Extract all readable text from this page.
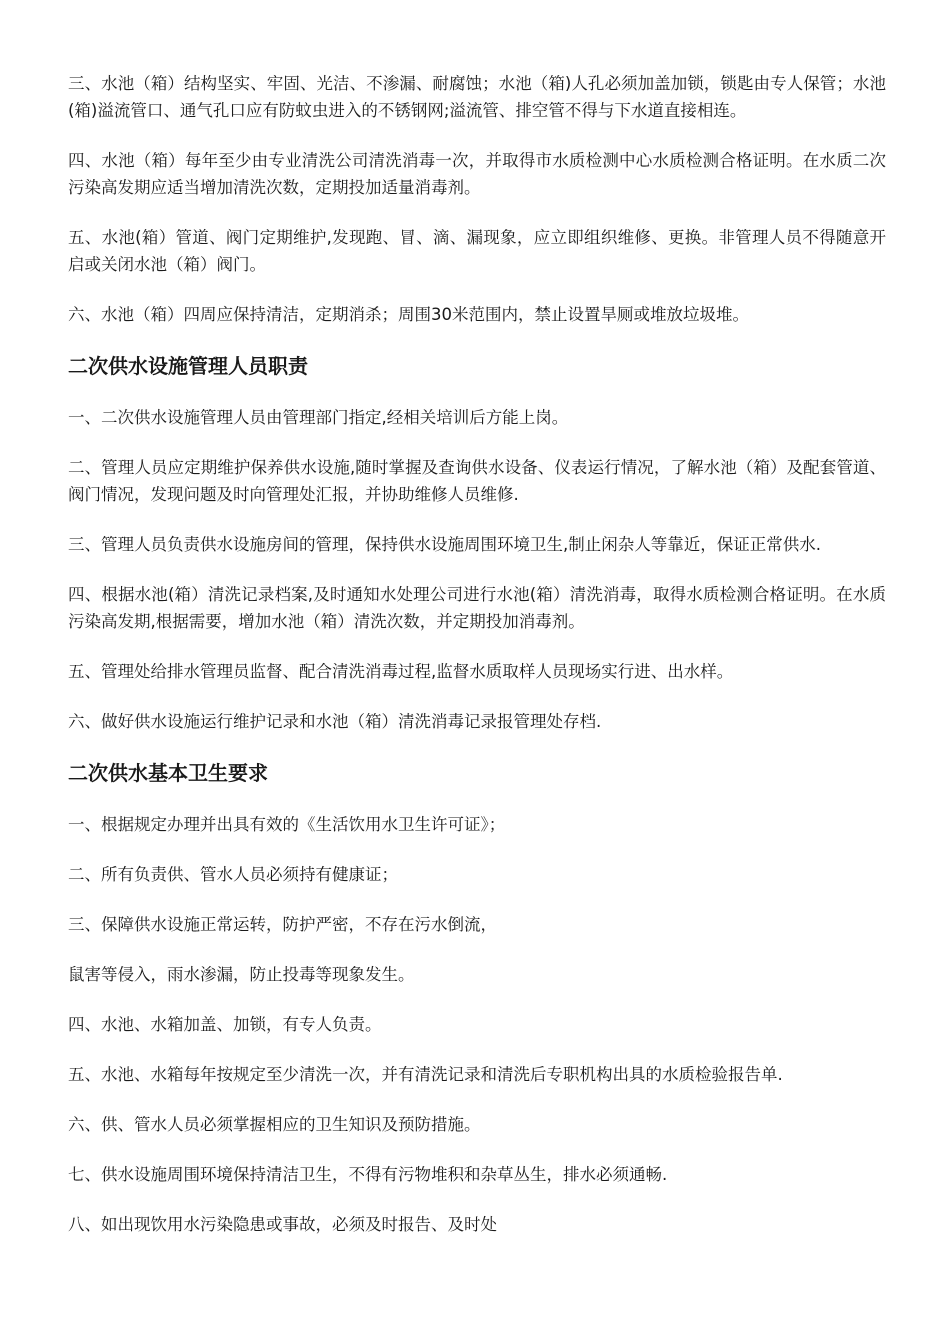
三、水池（箱）结构坚实、牢固、光洁、不渗漏、耐腐蚀；水池（箱)人孔必须加盖加锁，锁匙由专人保管；水池(箱)溢流管口、通气孔口应有防蚊虫进入的不锈钢网;溢流管、排空管不得与下水道直接相连。

四、水池（箱）每年至少由专业清洗公司清洗消毒一次，并取得市水质检测中心水质检测合格证明。在水质二次污染高发期应适当增加清洗次数，定期投加适量消毒剂。

五、水池(箱）管道、阀门定期维护,发现跑、冒、滴、漏现象，应立即组织维修、更换。非管理人员不得随意开启或关闭水池（箱）阀门。

六、水池（箱）四周应保持清洁，定期消杀；周围30米范围内，禁止设置旱厕或堆放垃圾堆。

二次供水设施管理人员职责

一、二次供水设施管理人员由管理部门指定,经相关培训后方能上岗。

二、管理人员应定期维护保养供水设施,随时掌握及查询供水设备、仪表运行情况，了解水池（箱）及配套管道、阀门情况，发现问题及时向管理处汇报，并协助维修人员维修.

三、管理人员负责供水设施房间的管理，保持供水设施周围环境卫生,制止闲杂人等靠近，保证正常供水.

四、根据水池(箱）清洗记录档案,及时通知水处理公司进行水池(箱）清洗消毒，取得水质检测合格证明。在水质污染高发期,根据需要，增加水池（箱）清洗次数，并定期投加消毒剂。

五、管理处给排水管理员监督、配合清洗消毒过程,监督水质取样人员现场实行进、出水样。

六、做好供水设施运行维护记录和水池（箱）清洗消毒记录报管理处存档.

二次供水基本卫生要求

一、根据规定办理并出具有效的《生活饮用水卫生许可证》；

二、所有负责供、管水人员必须持有健康证；

三、保障供水设施正常运转，防护严密，不存在污水倒流，

鼠害等侵入，雨水渗漏，防止投毒等现象发生。

四、水池、水箱加盖、加锁，有专人负责。

五、水池、水箱每年按规定至少清洗一次，并有清洗记录和清洗后专职机构出具的水质检验报告单.

六、供、管水人员必须掌握相应的卫生知识及预防措施。

七、供水设施周围环境保持清洁卫生，不得有污物堆积和杂草丛生，排水必须通畅.

八、如出现饮用水污染隐患或事故，必须及时报告、及时处
